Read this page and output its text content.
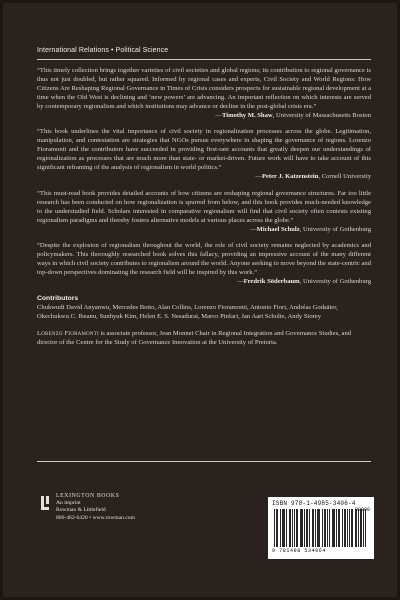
International Relations • Political Science
“This timely collection brings together varieties of civil societies and global regions; its contribution to regional governance is thus not just doubled, but rather squared. Informed by regional cases and experts, Civil Society and World Regions: How Citizens Are Reshaping Regional Governance in Times of Crisis considers prospects for sustainable regional development at a time when the Old West is declining and ‘new powers’ are advancing. An important reflection on which interests are served by contemporary regionalism and which institutions may advance or decline in the post-global crisis era.”
—Timothy M. Shaw, University of Massachusetts Boston
“This book underlines the vital importance of civil society in regionalization processes across the globe. Legitimation, manipulation, and contestation are strategies that NGOs pursue everywhere in shaping the governance of regions. Lorenzo Fioramonti and the contributors have succeeded in providing first-rate accounts that greatly deepen our understandings of regionalization as processes that are much more than state- or market-driven. Future work will have to take account of this significant reframing of the analysis of regionalism in world politics.”
—Peter J. Katzenstein, Cornell University
“This must-read book provides detailed accounts of how citizens are reshaping regional governance structures. Far too little research has been conducted on how regionalization is spurred from below, and this book provides much-needed knowledge to the understudied field. Scholars interested in comparative regionalism will find that civil society often contests existing regionalism paradigms and thereby fosters alternative models at various places across the globe.”
—Michael Schulz, University of Gothenburg
“Despite the explosion of regionalism throughout the world, the role of civil society remains neglected by academics and policymakers. This thoroughly researched book solves this fallacy, providing an impressive account of the many different ways in which civil society contributes to regionalism around the world. Anyone seeking to move beyond the state-centric and top-down perspectives dominating the research field will be inspired by this work.”
—Fredrik Söderbaum, University of Gothenburg
Contributors
Chukwudi David Anyanwu, Mercedes Botto, Alan Collins, Lorenzo Fioramonti, Antonio Fiori, Andréas Godsäter, Okechukwu C. Ibeanu, Sunhyuk Kim, Helen E. S. Nesadurai, Marco Pinfari, Jan Aart Scholte, Andy Storey

Lorenzo Fioramonti is associate professor, Jean Monnet Chair in Regional Integration and Governance Studies, and director of the Centre for the Study of Governance Innovation at the University of Pretoria.

LEXINGTON BOOKS
An imprint
Rowman & Littlefield
800-462-6420 • www.rowman.com
ISBN 978-1-4985-3406-4
90000
9 781498 534064
